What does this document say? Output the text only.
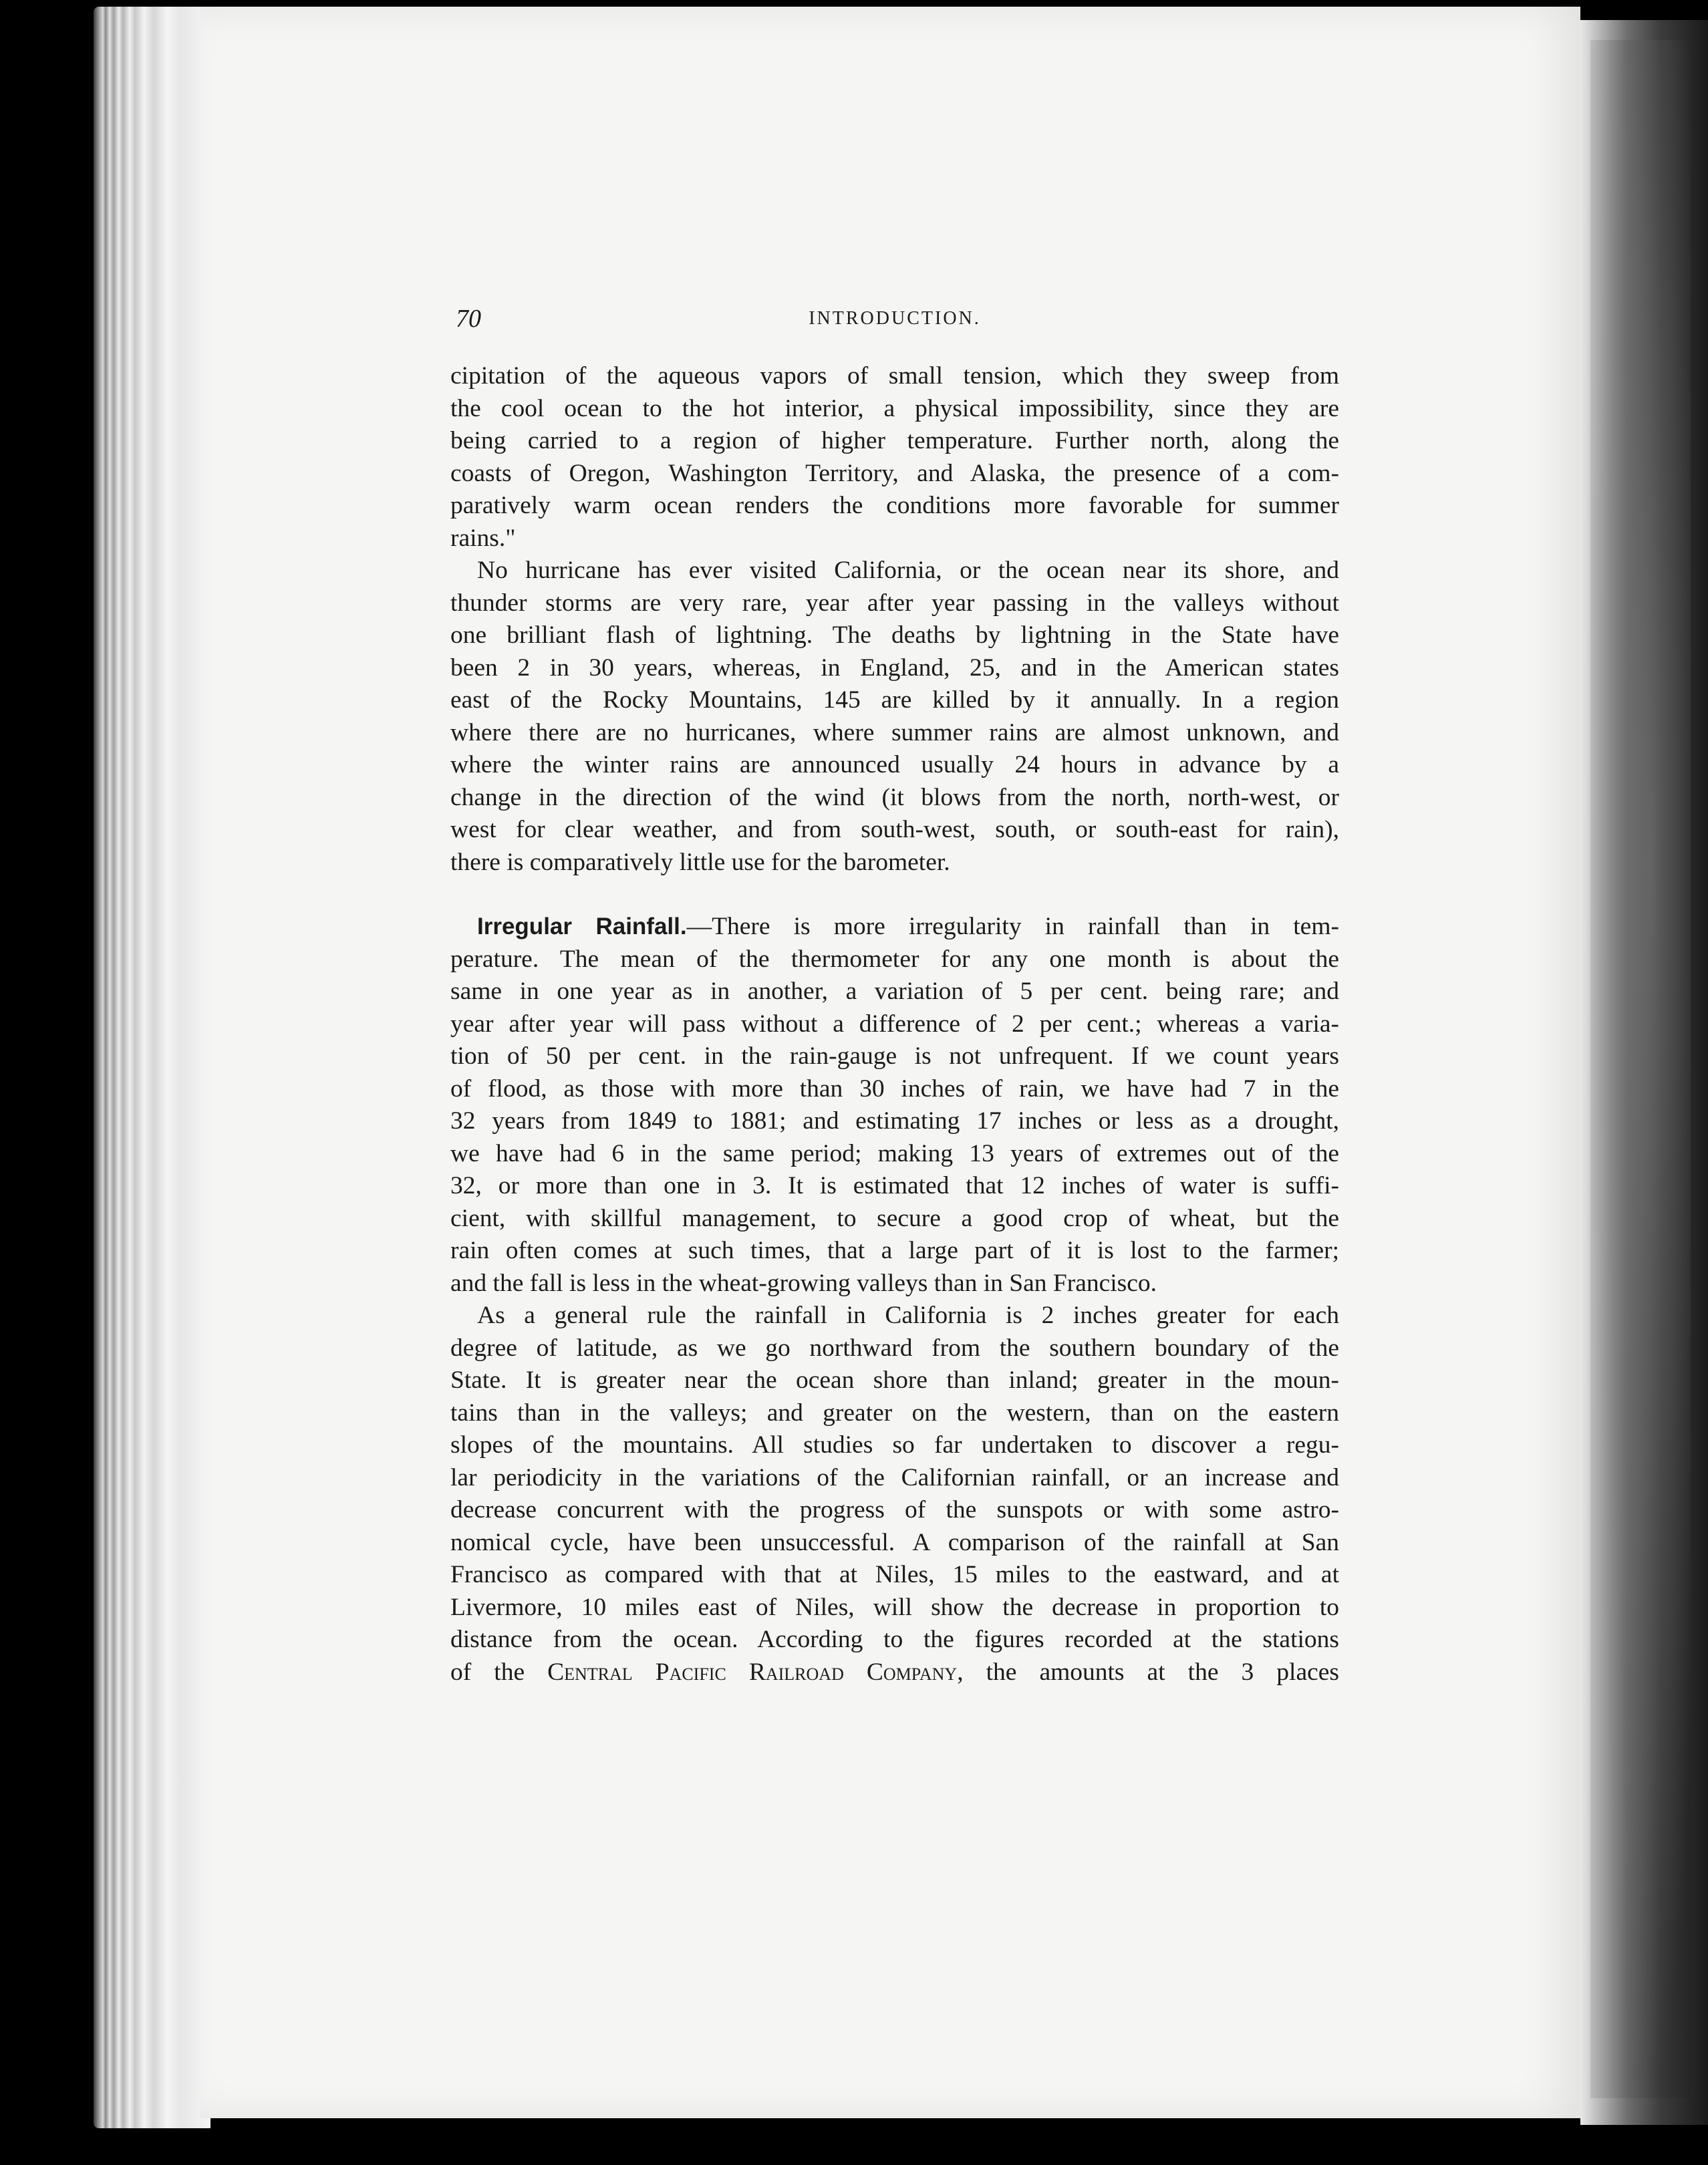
70	INTRODUCTION.
cipitation of the aqueous vapors of small tension, which they sweep from
the cool ocean to the hot interior, a physical impossibility, since they are
being carried to a region of higher temperature. Further north, along the
coasts of Oregon, Washington Territory, and Alaska, the presence of a com-
paratively warm ocean renders the conditions more favorable for summer
rains."
No hurricane has ever visited California, or the ocean near its shore, and
thunder storms are very rare, year after year passing in the valleys without
one brilliant flash of lightning. The deaths by lightning in the State have
been 2 in 30 years, whereas, in England, 25, and in the American states
east of the Rocky Mountains, 145 are killed by it annually. In a region
where there are no hurricanes, where summer rains are almost unknown, and
where the winter rains are announced usually 24 hours in advance by a
change in the direction of the wind (it blows from the north, north-west, or
west for clear weather, and from south-west, south, or south-east for rain),
there is comparatively little use for the barometer.
Irregular Rainfall.—There is more irregularity in rainfall than in tem-
perature. The mean of the thermometer for any one month is about the
same in one year as in another, a variation of 5 per cent. being rare; and
year after year will pass without a difference of 2 per cent.; whereas a varia-
tion of 50 per cent. in the rain-gauge is not unfrequent. If we count years
of flood, as those with more than 30 inches of rain, we have had 7 in the
32 years from 1849 to 1881; and estimating 17 inches or less as a drought,
we have had 6 in the same period; making 13 years of extremes out of the
32, or more than one in 3. It is estimated that 12 inches of water is suffi-
cient, with skillful management, to secure a good crop of wheat, but the
rain often comes at such times, that a large part of it is lost to the farmer;
and the fall is less in the wheat-growing valleys than in San Francisco.
As a general rule the rainfall in California is 2 inches greater for each
degree of latitude, as we go northward from the southern boundary of the
State. It is greater near the ocean shore than inland; greater in the moun-
tains than in the valleys; and greater on the western, than on the eastern
slopes of the mountains. All studies so far undertaken to discover a regu-
lar periodicity in the variations of the Californian rainfall, or an increase and
decrease concurrent with the progress of the sunspots or with some astro-
nomical cycle, have been unsuccessful. A comparison of the rainfall at San
Francisco as compared with that at Niles, 15 miles to the eastward, and at
Livermore, 10 miles east of Niles, will show the decrease in proportion to
distance from the ocean. According to the figures recorded at the stations
of the Central Pacific Railroad Company, the amounts at the 3 places
